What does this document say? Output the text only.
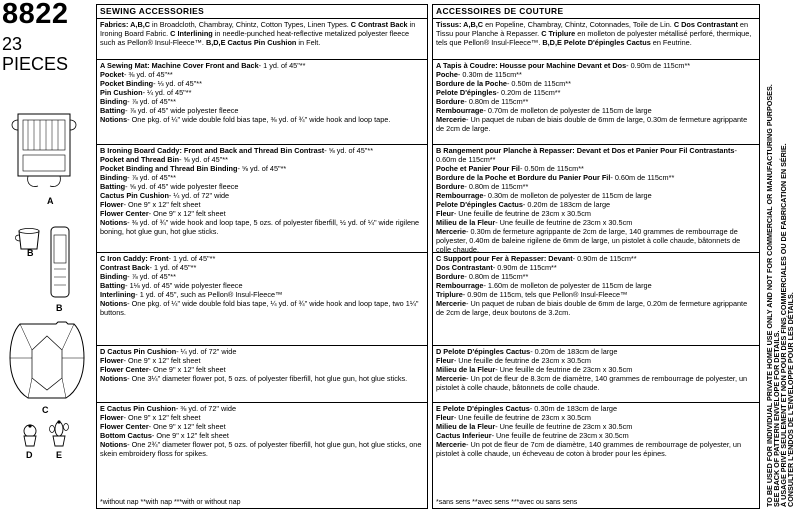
8822
23 PIECES
A
B
B
C
D	E
SEWING ACCESSORIES

Fabrics: A,B,C in Broadcloth, Chambray, Chintz, Cotton Types, Linen Types. C Contrast Back in Ironing Board Fabric. C Interlining in needle-punched heat-reflective metalized polyester fleece such as Pellon® Insul-Fleece™. B,D,E Cactus Pin Cushion in Felt.

A Sewing Mat: Machine Cover Front and Back- 1 yd. of 45"**

Pocket- ⅜ yd. of 45"**

Pocket Binding- ⅓ yd. of 45"**

Pin Cushion- ¼ yd. of 45"**

Binding- ⅞ yd. of 45"**

Batting- ⅞ yd. of 45" wide polyester fleece

Notions- One pkg. of ¼" wide double fold bias tape, ⅜ yd. of ¾" wide hook and loop tape.

B Ironing Board Caddy: Front and Back and Thread Bin Contrast- ⅝ yd. of 45"**

Pocket and Thread Bin- ⅝ yd. of 45"**

Pocket Binding and Thread Bin Binding- ⅝ yd. of 45"**

Binding- ⅞ yd. of 45"**

Batting- ⅝ yd. of 45" wide polyester fleece

Cactus Pin Cushion- ¼ yd. of 72" wide

Flower- One 9" x 12" felt sheet

Flower Center- One 9" x 12" felt sheet

Notions- ⅜ yd. of ¾" wide hook and loop tape, 5 ozs. of polyester fiberfill, ½ yd. of ¼" wide rigilene boning, hot glue gun, hot glue sticks.

C Iron Caddy: Front- 1 yd. of 45"**

Contrast Back- 1 yd. of 45"**

Binding- ⅞ yd. of 45"**

Batting- 1⅛ yd. of 45" wide polyester fleece

Interlining- 1 yd. of 45", such as Pellon® Insul-Fleece™

Notions- One pkg. of ¼" wide double fold bias tape, ¼ yd. of ¾" wide hook and loop tape, two 1¼" buttons.

D Cactus Pin Cushion- ¼ yd. of 72" wide

Flower- One 9" x 12" felt sheet

Flower Center- One 9" x 12" felt sheet

Notions- One 3¼" diameter flower pot, 5 ozs. of polyester fiberfill, hot glue gun, hot glue sticks.

E Cactus Pin Cushion- ⅜ yd. of 72" wide

Flower- One 9" x 12" felt sheet

Flower Center- One 9" x 12" felt sheet

Bottom Cactus- One 9" x 12" felt sheet

Notions- One 2¾" diameter flower pot, 5 ozs. of polyester fiberfill, hot glue gun, hot glue sticks, one skein embroidery floss for spikes.

*without nap **with nap ***with or without nap
ACCESSOIRES DE COUTURE

Tissus: A,B,C en Popeline, Chambray, Chintz, Cotonnades, Toile de Lin. C Dos Contrastant en Tissu pour Planche à Repasser. C Triplure en molleton de polyester métallisé perforé, thermique, tels que Pellon® Insul-Fleece™. B,D,E Pelote D'épingles Cactus en Feutrine.

A Tapis à Coudre: Housse pour Machine Devant et Dos- 0.90m de 115cm**

Poche- 0.30m de 115cm**

Bordure de la Poche- 0.50m de 115cm**

Pelote D'épingles- 0.20m de 115cm**

Bordure- 0.80m de 115cm**

Rembourrage- 0.70m de molleton de polyester de 115cm de large

Mercerie- Un paquet de ruban de biais double de 6mm de large, 0.30m de fermeture agrippante de 2cm de large.

B Rangement pour Planche à Repasser: Devant et Dos et Panier Pour Fil Contrastants- 0.60m de 115cm**

Poche et Panier Pour Fil- 0.50m de 115cm**

Bordure de la Poche et Bordure du Panier Pour Fil- 0.60m de 115cm**

Bordure- 0.80m de 115cm**

Rembourrage- 0.30m de molleton de polyester de 115cm de large

Pelote D'épingles Cactus- 0.20m de 183cm de large

Fleur- Une feuille de feutrine de 23cm x 30.5cm

Milieu de la Fleur- Une feuille de feutrine de 23cm x 30.5cm

Mercerie- 0.30m de fermeture agrippante de 2cm de large, 140 grammes de rembourrage de polyester, 0.40m de baleine rigilene de 6mm de large, un pistolet à colle chaude, bâtonnets de colle chaude.

C Support pour Fer à Repasser: Devant- 0.90m de 115cm**

Dos Contrastant- 0.90m de 115cm**

Bordure- 0.80m de 115cm**

Rembourrage- 1.60m de molleton de polyester de 115cm de large

Triplure- 0.90m de 115cm, tels que Pellon® Insul-Fleece™

Mercerie- Un paquet de ruban de biais double de 6mm de large, 0.20m de fermeture agrippante de 2cm de large, deux boutons de 3.2cm.

D Pelote D'épingles Cactus- 0.20m de 183cm de large

Fleur- Une feuille de feutrine de 23cm x 30.5cm

Milieu de la Fleur- Une feuille de feutrine de 23cm x 30.5cm

Mercerie- Un pot de fleur de 8.3cm de diamètre, 140 grammes de rembourrage de polyester, un pistolet à colle chaude, bâtonnets de colle chaude.

E Pelote D'épingles Cactus- 0.30m de 183cm de large

Fleur- Une feuille de feutrine de 23cm x 30.5cm

Milieu de la Fleur- Une feuille de feutrine de 23cm x 30.5cm

Cactus Inferieur- Une feuille de feutrine de 23cm x 30.5cm

Mercerie- Un pot de fleur de 7cm de diamètre, 140 grammes de rembourrage de polyester, un pistolet à colle chaude, un écheveau de coton à broder pour les épines.

*sans sens **avec sens ***avec ou sans sens	TO BE USED FOR INDIVIDUAL PRIVATE HOME USE ONLY AND NOT FOR COMMERCIAL OR MANUFACTURING PURPOSES.
SEE BACK OF PATTERN ENVELOPE FOR DETAILS.
À USAGE PRIVÉ SEULEMENT ET NON POUR DES FINS COMMERCIALES OU DE FABRICATION EN SÉRIE.
CONSULTER L'ENDOS DE L'ENVELOPPE POUR LES DÉTAILS.
